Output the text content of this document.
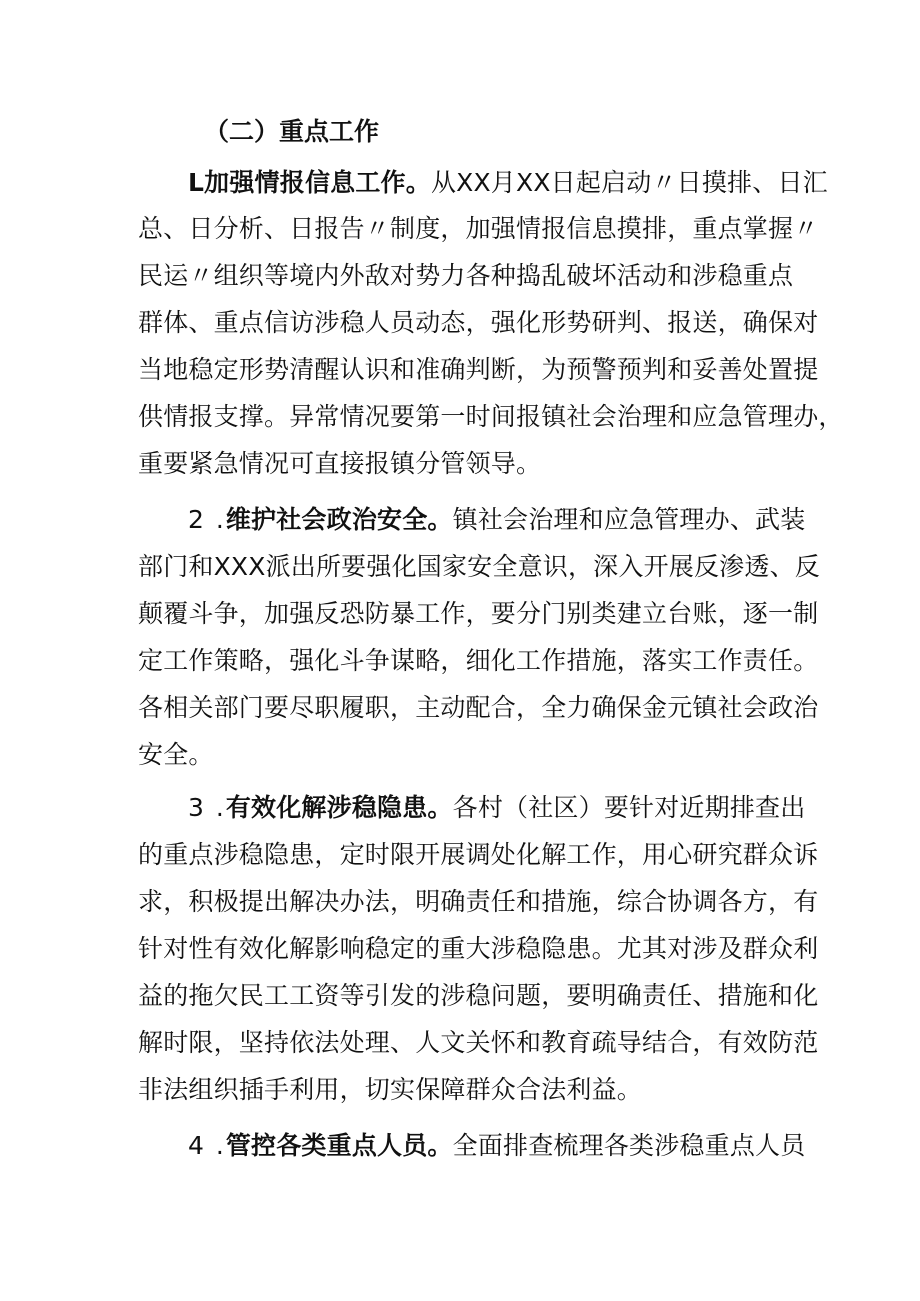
（二）重点工作
L加强情报信息工作。从XX月XX日起启动〃日摸排、日汇
总、日分析、日报告〃制度，加强情报信息摸排，重点掌握〃
民运〃组织等境内外敌对势力各种捣乱破坏活动和涉稳重点
群体、重点信访涉稳人员动态，强化形势研判、报送，确保对
当地稳定形势清醒认识和准确判断，为预警预判和妥善处置提
供情报支撑。异常情况要第一时间报镇社会治理和应急管理办，
重要紧急情况可直接报镇分管领导。
2 .维护社会政治安全。镇社会治理和应急管理办、武装
部门和XXX派出所要强化国家安全意识，深入开展反渗透、反
颠覆斗争，加强反恐防暴工作，要分门别类建立台账，逐一制
定工作策略，强化斗争谋略，细化工作措施，落实工作责任。
各相关部门要尽职履职，主动配合，全力确保金元镇社会政治
安全。
3 .有效化解涉稳隐患。各村（社区）要针对近期排查出
的重点涉稳隐患，定时限开展调处化解工作，用心研究群众诉
求，积极提出解决办法，明确责任和措施，综合协调各方，有
针对性有效化解影响稳定的重大涉稳隐患。尤其对涉及群众利
益的拖欠民工工资等引发的涉稳问题，要明确责任、措施和化
解时限，坚持依法处理、人文关怀和教育疏导结合，有效防范
非法组织插手利用，切实保障群众合法利益。
4 .管控各类重点人员。全面排查梳理各类涉稳重点人员
